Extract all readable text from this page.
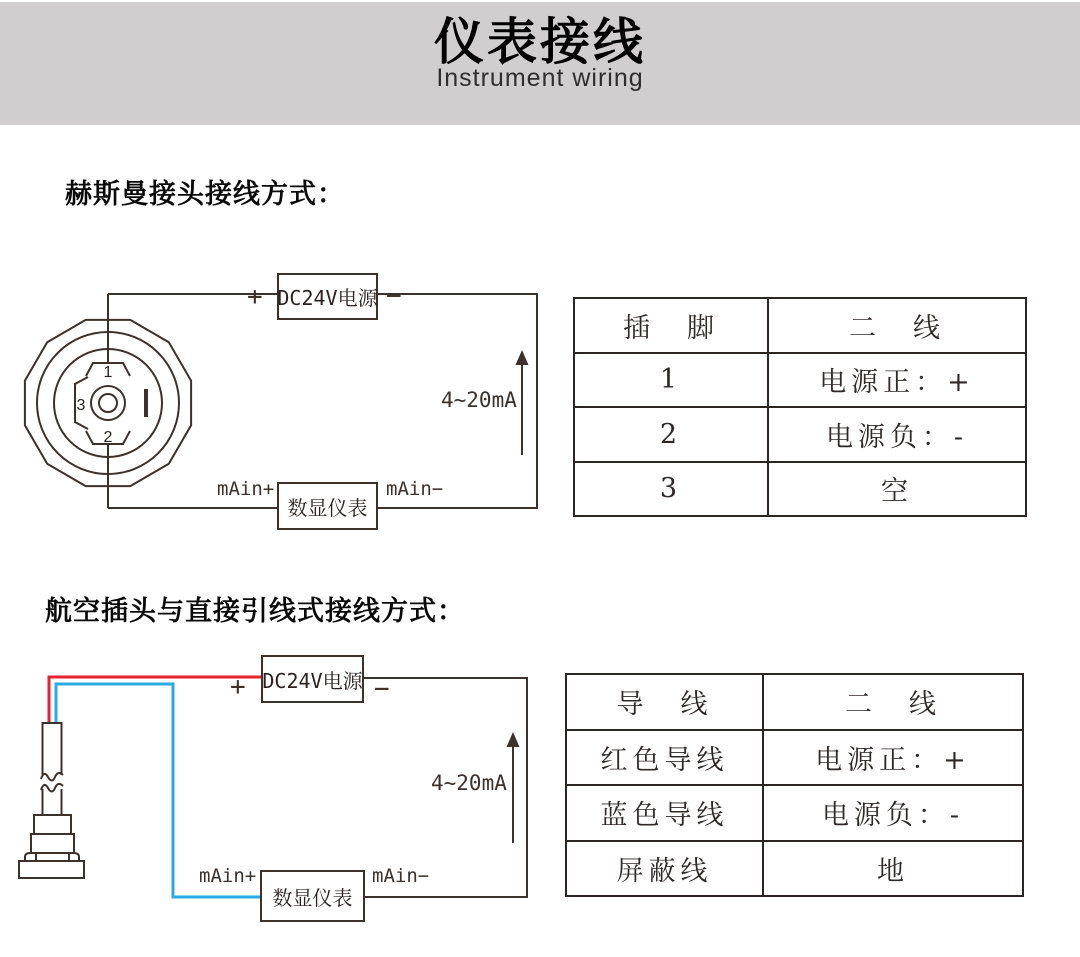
仪表接线
Instrument wiring
赫斯曼接头接线方式：
航空插头与直接引线式接线方式：
1
2
3
DC24V电源
数显仪表
+	−
mAin+	mAin−
4~20mA
插　脚	二　线
1	电源正：+
2	电源负：-
3	空
DC24V电源
数显仪表
+	−
mAin+	mAin−
4~20mA
导　线	二　线
红色导线	电源正：+
蓝色导线	电源负：-
屏蔽线	地
